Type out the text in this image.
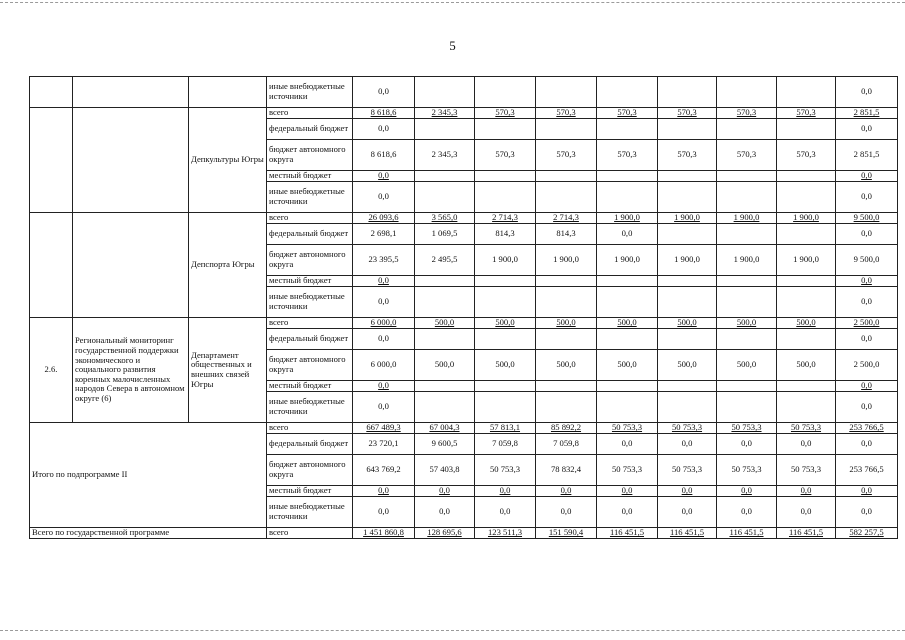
5
			иные внебюджетные источники	0,0								0,0
		Депкультуры Югры	всего	8 618,6	2 345,3	570,3	570,3	570,3	570,3	570,3	570,3	2 851,5
			федеральный бюджет	0,0								0,0
			бюджет автономного округа	8 618,6	2 345,3	570,3	570,3	570,3	570,3	570,3	570,3	2 851,5
			местный бюджет	0,0								0,0
			иные внебюджетные источники	0,0								0,0
		Депспорта Югры	всего	26 093,6	3 565,0	2 714,3	2 714,3	1 900,0	1 900,0	1 900,0	1 900,0	9 500,0
			федеральный бюджет	2 698,1	1 069,5	814,3	814,3	0,0				0,0
			бюджет автономного округа	23 395,5	2 495,5	1 900,0	1 900,0	1 900,0	1 900,0	1 900,0	1 900,0	9 500,0
			местный бюджет	0,0								0,0
			иные внебюджетные источники	0,0								0,0
2.6.	Региональный мониторинг государственной поддержки экономического и социального развития коренных малочисленных народов Севера в автономном округе (6)	Департамент общественных и внешних связей Югры	всего	6 000,0	500,0	500,0	500,0	500,0	500,0	500,0	500,0	2 500,0
			федеральный бюджет	0,0								0,0
			бюджет автономного округа	6 000,0	500,0	500,0	500,0	500,0	500,0	500,0	500,0	2 500,0
			местный бюджет	0,0								0,0
			иные внебюджетные источники	0,0								0,0
Итого по подпрограмме II			всего	667 489,3	67 004,3	57 813,1	85 892,2	50 753,3	50 753,3	50 753,3	50 753,3	253 766,5
			федеральный бюджет	23 720,1	9 600,5	7 059,8	7 059,8	0,0	0,0	0,0	0,0	0,0
			бюджет автономного округа	643 769,2	57 403,8	50 753,3	78 832,4	50 753,3	50 753,3	50 753,3	50 753,3	253 766,5
			местный бюджет	0,0	0,0	0,0	0,0	0,0	0,0	0,0	0,0	0,0
			иные внебюджетные источники	0,0	0,0	0,0	0,0	0,0	0,0	0,0	0,0	0,0
Всего по государственной программе			всего	1 451 860,8	128 695,6	123 511,3	151 590,4	116 451,5	116 451,5	116 451,5	116 451,5	582 257,5
